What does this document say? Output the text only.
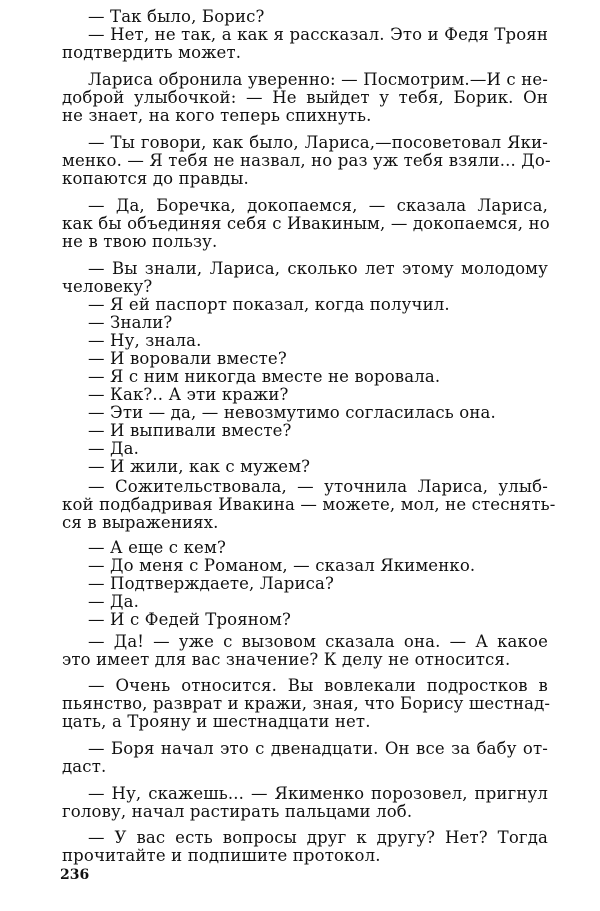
— Так было, Борис?
— Нет, не так, а как я рассказал. Это и Федя Троян
подтвердить может.
Лариса обронила уверенно: — Посмотрим.—И с не-
доброй улыбочкой: — Не выйдет у тебя, Борик. Он
не знает, на кого теперь спихнуть.
— Ты говори, как было, Лариса,—посоветовал Яки-
менко. — Я тебя не назвал, но раз уж тебя взяли... До-
копаются до правды.
— Да, Боречка, докопаемся, — сказала Лариса,
как бы объединяя себя с Ивакиным, — докопаемся, но
не в твою пользу.
— Вы знали, Лариса, сколько лет этому молодому
человеку?
— Я ей паспорт показал, когда получил.
— Знали?
— Ну, знала.
— И воровали вместе?
— Я с ним никогда вместе не воровала.
— Как?.. А эти кражи?
— Эти — да, — невозмутимо согласилась она.
— И выпивали вместе?
— Да.
— И жили, как с мужем?
— Сожительствовала, — уточнила Лариса, улыб-
кой подбадривая Ивакина — можете, мол, не стеснять-
ся в выражениях.
— А еще с кем?
— До меня с Романом, — сказал Якименко.
— Подтверждаете, Лариса?
— Да.
— И с Федей Трояном?
— Да! — уже с вызовом сказала она. — А какое
это имеет для вас значение? К делу не относится.
— Очень относится. Вы вовлекали подростков в
пьянство, разврат и кражи, зная, что Борису шестнад-
цать, а Трояну и шестнадцати нет.
— Боря начал это с двенадцати. Он все за бабу от-
даст.
— Ну, скажешь... — Якименко порозовел, пригнул
голову, начал растирать пальцами лоб.
— У вас есть вопросы друг к другу? Нет? Тогда
прочитайте и подпишите протокол.
236
